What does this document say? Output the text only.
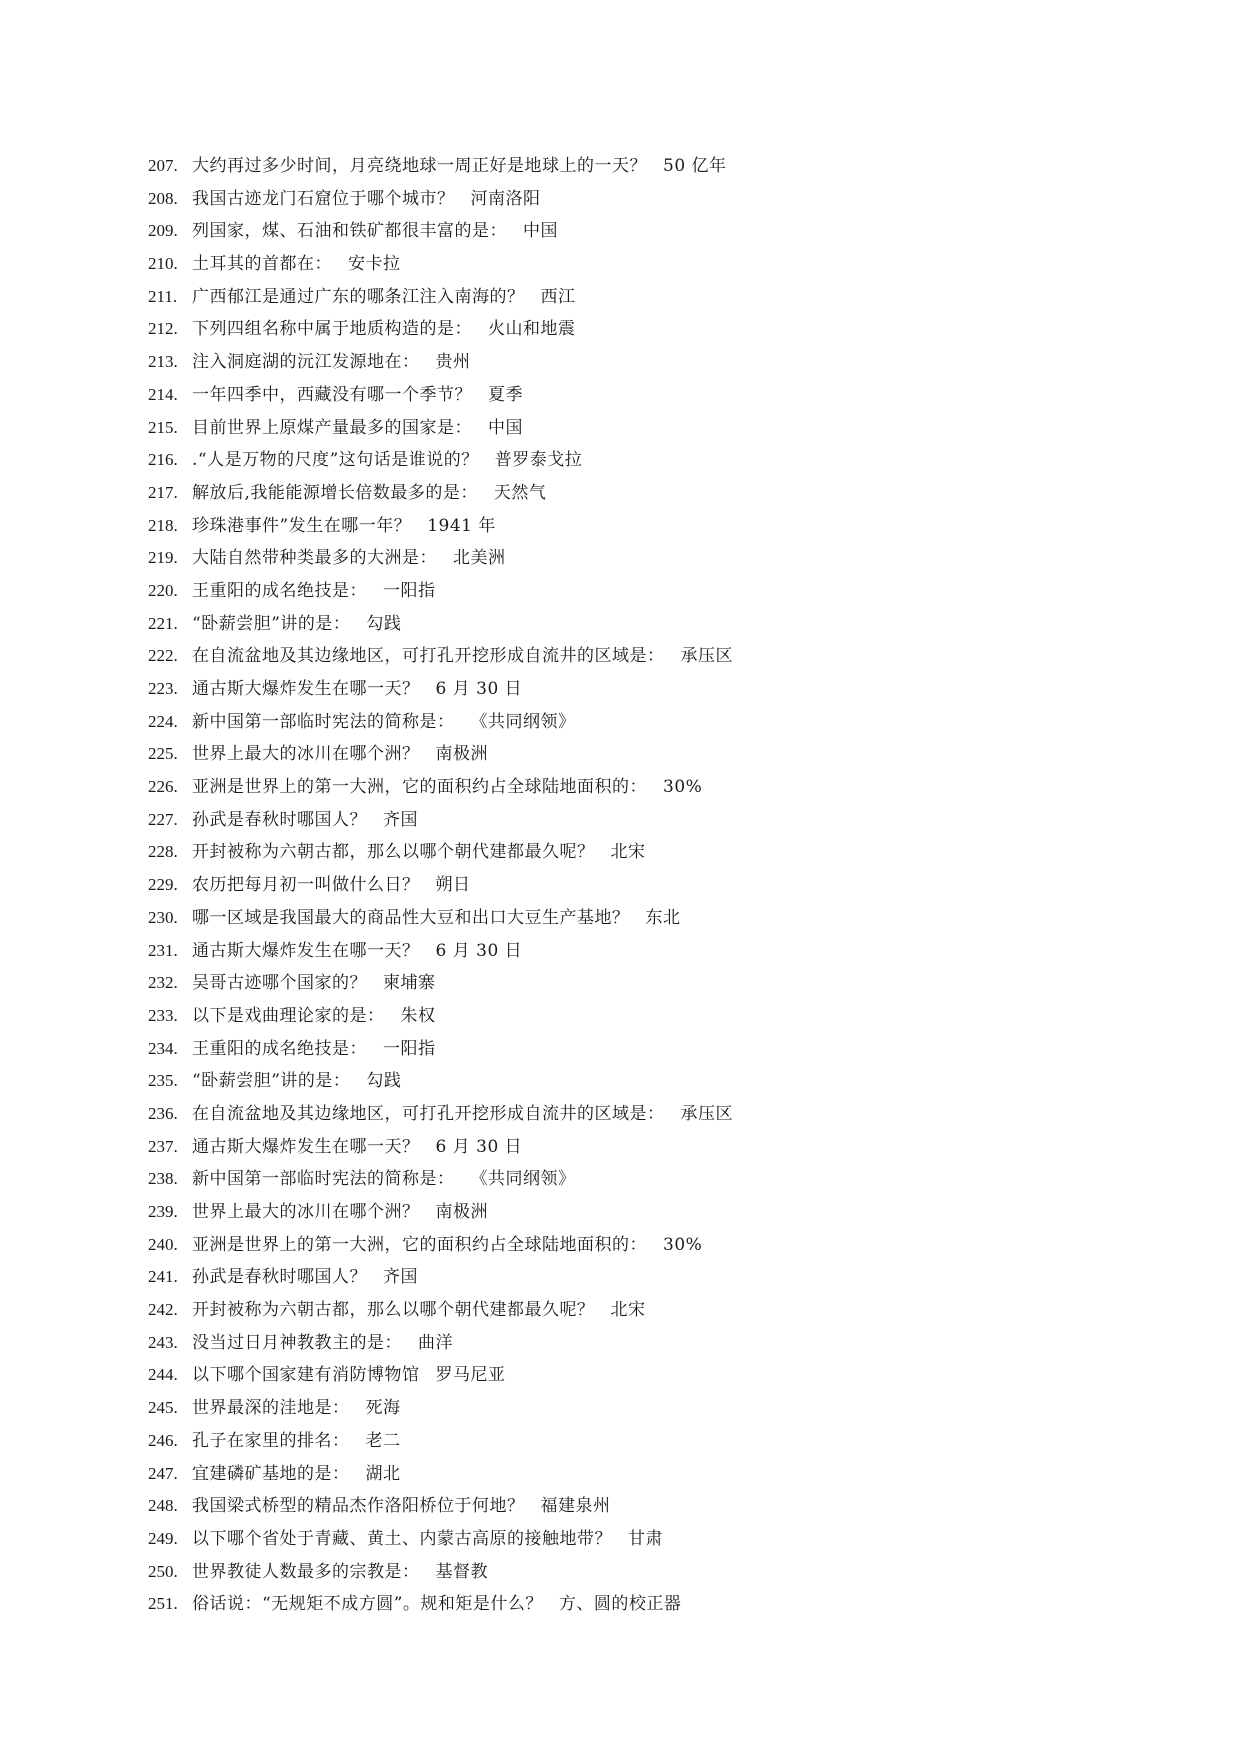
207. 大约再过多少时间，月亮绕地球一周正好是地球上的一天？ 50 亿年
208. 我国古迹龙门石窟位于哪个城市？ 河南洛阳
209. 列国家，煤、石油和铁矿都很丰富的是： 中国
210. 土耳其的首都在： 安卡拉
211. 广西郁江是通过广东的哪条江注入南海的？ 西江
212. 下列四组名称中属于地质构造的是： 火山和地震
213. 注入洞庭湖的沅江发源地在： 贵州
214. 一年四季中，西藏没有哪一个季节？ 夏季
215. 目前世界上原煤产量最多的国家是： 中国
216. .“人是万物的尺度”这句话是谁说的？ 普罗泰戈拉
217. 解放后,我能能源增长倍数最多的是： 天然气
218. 珍珠港事件”发生在哪一年？ 1941 年
219. 大陆自然带种类最多的大洲是： 北美洲
220. 王重阳的成名绝技是： 一阳指
221. “卧薪尝胆”讲的是： 勾践
222. 在自流盆地及其边缘地区，可打孔开挖形成自流井的区域是： 承压区
223. 通古斯大爆炸发生在哪一天？ 6 月 30 日
224. 新中国第一部临时宪法的简称是： 《共同纲领》
225. 世界上最大的冰川在哪个洲？ 南极洲
226. 亚洲是世界上的第一大洲，它的面积约占全球陆地面积的： 30%
227. 孙武是春秋时哪国人？ 齐国
228. 开封被称为六朝古都，那么以哪个朝代建都最久呢？ 北宋
229. 农历把每月初一叫做什么日？ 朔日
230. 哪一区域是我国最大的商品性大豆和出口大豆生产基地？ 东北
231. 通古斯大爆炸发生在哪一天？ 6 月 30 日
232. 吴哥古迹哪个国家的？ 柬埔寨
233. 以下是戏曲理论家的是： 朱权
234. 王重阳的成名绝技是： 一阳指
235. “卧薪尝胆”讲的是： 勾践
236. 在自流盆地及其边缘地区，可打孔开挖形成自流井的区域是： 承压区
237. 通古斯大爆炸发生在哪一天？ 6 月 30 日
238. 新中国第一部临时宪法的简称是： 《共同纲领》
239. 世界上最大的冰川在哪个洲？ 南极洲
240. 亚洲是世界上的第一大洲，它的面积约占全球陆地面积的： 30%
241. 孙武是春秋时哪国人？ 齐国
242. 开封被称为六朝古都，那么以哪个朝代建都最久呢？ 北宋
243. 没当过日月神教教主的是： 曲洋
244. 以下哪个国家建有消防博物馆 罗马尼亚
245. 世界最深的洼地是： 死海
246. 孔子在家里的排名： 老二
247. 宜建磷矿基地的是： 湖北
248. 我国梁式桥型的精品杰作洛阳桥位于何地？ 福建泉州
249. 以下哪个省处于青藏、黄土、内蒙古高原的接触地带？ 甘肃
250. 世界教徒人数最多的宗教是： 基督教
251. 俗话说：“无规矩不成方圆”。规和矩是什么？ 方、圆的校正器
